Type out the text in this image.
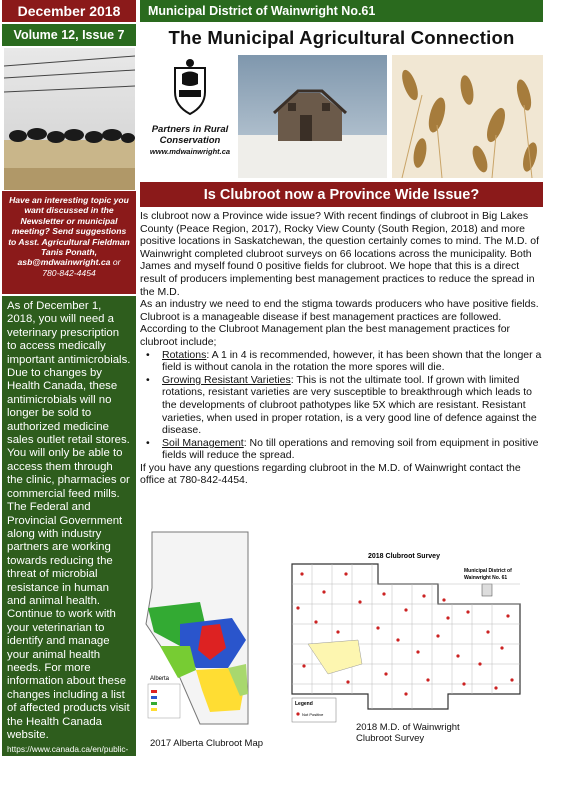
December 2018
Volume 12, Issue 7
Have an interesting topic you want discussed in the Newsletter or municipal meeting? Send suggestions to Asst. Agricultural Fieldman Tanis Ponath,
asb@mdwainwright.ca or
780-842-4454

As of December 1, 2018, you will need a veterinary prescription to access medically important antimicrobials. Due to changes by Health Canada, these antimicrobials will no longer be sold to authorized medicine sales outlet retail stores. You will only be able to access them through the clinic, pharmacies or commercial feed mills.

The Federal and Provincial Government along with industry partners are working towards reducing the threat of microbial resistance in human and animal health.

Continue to work with your veterinarian to identify and manage your animal health needs. For more information about these changes including a list of affected products visit the Health Canada website.

https://www.canada.ca/en/public-health/services/antibiotic-antimicrobial-resistance/animals/actions/responsible-use-antimicrobials.html

Municipal District of Wainwright No.61
The Municipal Agricultural Connection
Partners in Rural Conservation
www.mdwainwright.ca
Is Clubroot now a Province Wide Issue?

Is clubroot now a Province wide issue? With recent findings of clubroot in Big Lakes County (Peace Region, 2017), Rocky View County (South Region, 2018) and more positive locations in Saskatchewan, the question certainly comes to mind. The M.D. of Wainwright completed clubroot surveys on 66 locations across the municipality. Both James and myself found 0 positive fields for clubroot. We hope that this is a direct result of producers implementing best management practices to reduce the spread in the M.D.

As an industry we need to end the stigma towards producers who have positive fields. Clubroot is a manageable disease if best management practices are followed.

According to the Clubroot Management plan the best management practices for clubroot include;

• Rotations: A 1 in 4 is recommended, however, it has been shown that the longer a field is without canola in the rotation the more spores will die.
• Growing Resistant Varieties: This is not the ultimate tool. If grown with limited rotations, resistant varieties are very susceptible to breakthrough which leads to the developments of clubroot pathotypes like 5X which are resistant. Resistant varieties, when used in proper rotation, is a very good line of defence against the disease.
• Soil Management: No till operations and removing soil from equipment in positive fields will reduce the spread.

If you have any questions regarding clubroot in the M.D. of Wainwright contact the office at 780-842-4454.

Alberta
2017 Alberta Clubroot Map
2018 Clubroot Survey
Municipal District of
Wainwright No. 61
Legend
Not Positive
2018 M.D. of Wainwright
Clubroot Survey
